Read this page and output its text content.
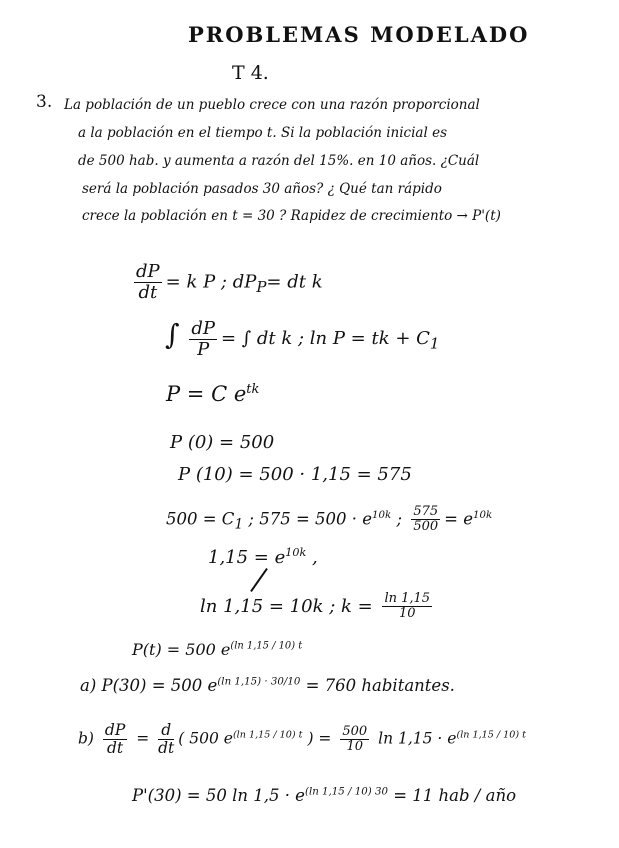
PROBLEMAS MODELADO
T 4.
3. La población de un pueblo crece con una razón proporcional
a la población en el tiempo t. Si la población inicial es
de 500 hab. y aumenta a razón del 15%. en 10 años. ¿Cuál
será la población pasados 30 años? ¿ Qué tan rápido
crece la población en t = 30 ? Rapidez de crecimiento → P'(t)
$\frac{dP}{dt} = k$ P ; $dP_P=$ dt k
∫ $\frac{dP}{P}$ = ∫ dt k ; ln P = tk + $C_1$
P = C $e^{tk}$
P (0) = 500
P (10) = 500 · 1,15 = 575
$500 = C_1$ ; $575 = 500 \cdot e^{10k}$ ; $\frac{575}{500} = e^{10k}$
$1,15 = e^{10k}$ ,
ln 1,15 = 10k ; $k = \frac{\ln 1,15}{10}$
P(t) = 500 $e^{(ln 1,15 / 10) t}$
a) P(30) = 500 $e^{(ln 1,15) \cdot 30/10} = 760$ habitantes.
$b) \frac{dP}{dt} = \frac{d}{dt}$ ( 500 $e^{(ln 1,15 / 10) t}$ ) = $\frac{500}{10}$ $\ln 1,15 \cdot e^{(ln 1,15 / 10) t}$
P'(30) = 50 $\ln 1,5 \cdot e^{(ln 1,15 / 10) 30} = 11$ hab / año
